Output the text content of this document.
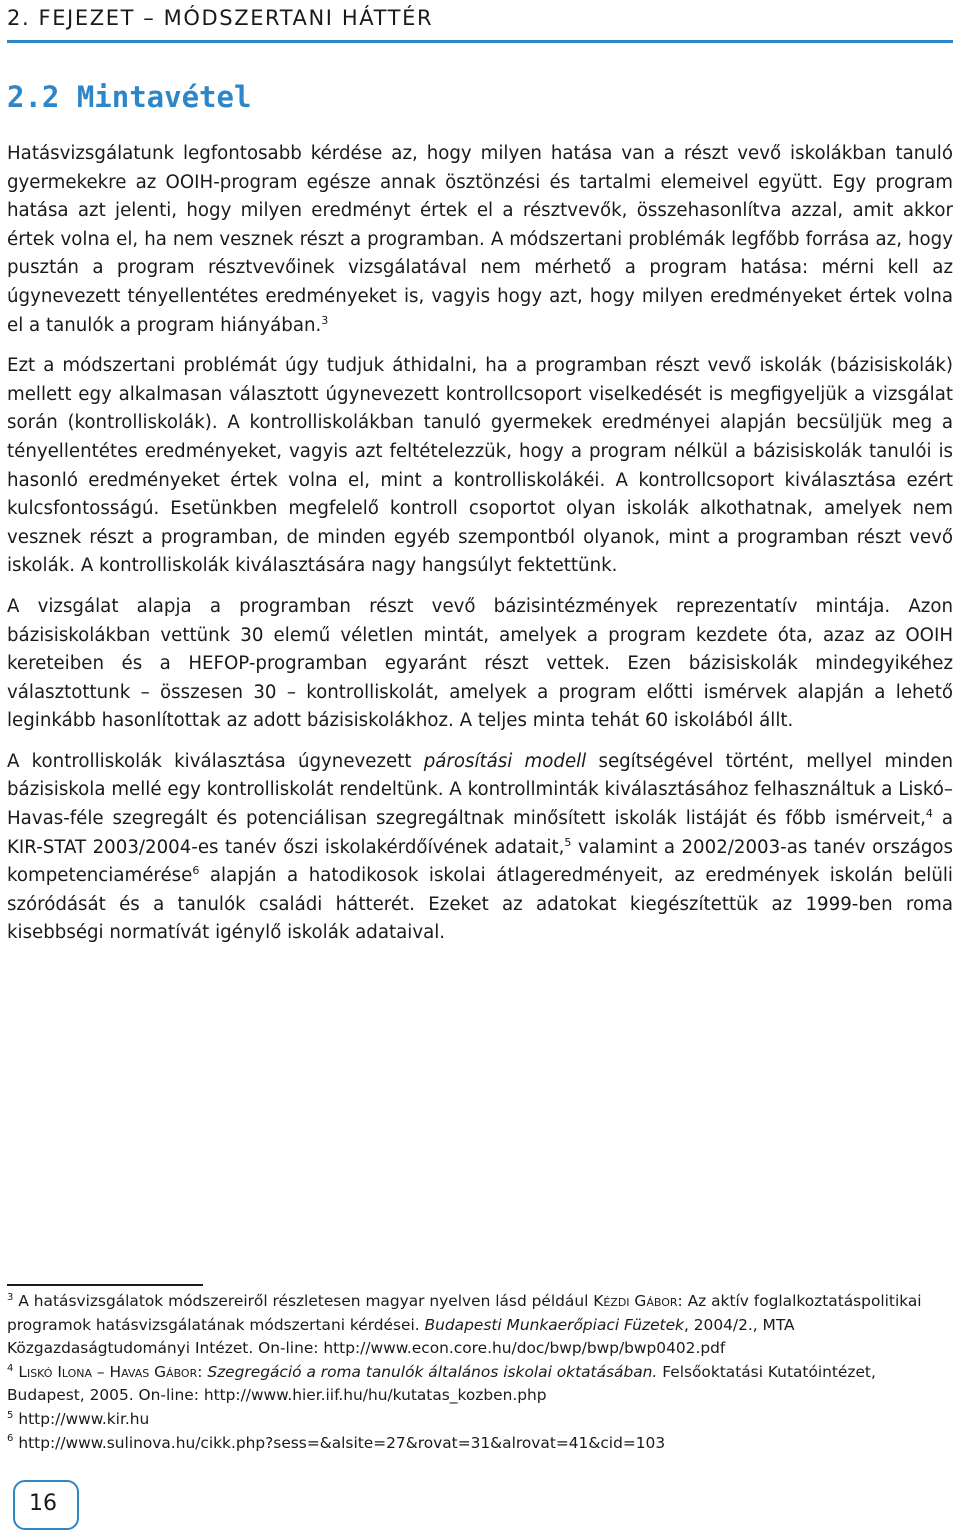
2. FEJEZET – MÓDSZERTANI HÁTTÉR
2.2 Mintavétel

Hatásvizsgálatunk legfontosabb kérdése az, hogy milyen hatása van a részt vevő iskolákban tanuló gyermekekre az OOIH-program egésze annak ösztönzési és tartalmi elemeivel együtt. Egy program hatása azt jelenti, hogy milyen eredményt értek el a résztvevők, összehasonlítva azzal, amit akkor értek volna el, ha nem vesznek részt a programban. A módszertani problémák legfőbb forrása az, hogy pusztán a program résztvevőinek vizsgálatával nem mérhető a program hatása: mérni kell az úgynevezett tényellentétes eredményeket is, vagyis hogy azt, hogy milyen eredményeket értek volna el a tanulók a program hiányában.$^3$

Ezt a módszertani problémát úgy tudjuk áthidalni, ha a programban részt vevő iskolák (bázisiskolák) mellett egy alkalmasan választott úgynevezett kontrollcsoport viselkedését is megfigyeljük a vizsgálat során (kontrolliskolák). A kontrolliskolákban tanuló gyermekek eredményei alapján becsüljük meg a tényellentétes eredményeket, vagyis azt feltételezzük, hogy a program nélkül a bázisiskolák tanulói is hasonló eredményeket értek volna el, mint a kontrolliskolákéi. A kontrollcsoport kiválasztása ezért kulcsfontosságú. Esetünkben megfelelő kontroll csoportot olyan iskolák alkothatnak, amelyek nem vesznek részt a programban, de minden egyéb szempontból olyanok, mint a programban részt vevő iskolák. A kontrolliskolák kiválasztására nagy hangsúlyt fektettünk.

A vizsgálat alapja a programban részt vevő bázisintézmények reprezentatív mintája. Azon bázisiskolákban vettünk 30 elemű véletlen mintát, amelyek a program kezdete óta, azaz az OOIH kereteiben és a HEFOP-programban egyaránt részt vettek. Ezen bázisiskolák mindegyikéhez választottunk – összesen 30 – kontrolliskolát, amelyek a program előtti ismérvek alapján a lehető leginkább hasonlítottak az adott bázisiskolákhoz. A teljes minta tehát 60 iskolából állt.

A kontrolliskolák kiválasztása úgynevezett párosítási modell segítségével történt, mellyel minden bázisiskola mellé egy kontrolliskolát rendeltünk. A kontrollminták kiválasztásához felhasználtuk a Liskó–Havas-féle szegregált és potenciálisan szegregáltnak minősített iskolák listáját és főbb ismérveit,$^4$ a KIR-STAT 2003/2004-es tanév őszi iskolakérdőívének adatait,$^5$ valamint a 2002/2003-as tanév országos kompetenciamérése$^6$ alapján a hatodikosok iskolai átlageredményeit, az eredmények iskolán belüli szóródását és a tanulók családi hátterét. Ezeket az adatokat kiegészítettük az 1999-ben roma kisebbségi normatívát igénylő iskolák adataival.

$^3$ A hatásvizsgálatok módszereiről részletesen magyar nyelven lásd például Kézdi Gábor: Az aktív foglalkoztatáspolitikai programok hatásvizsgálatának módszertani kérdései. Budapesti Munkaerőpiaci Füzetek, 2004/2., MTA Közgazdaságtudományi Intézet. On-line: http://www.econ.core.hu/doc/bwp/bwp/bwp0402.pdf
$^4$ Liskó Ilona – Havas Gábor: Szegregáció a roma tanulók általános iskolai oktatásában. Felsőoktatási Kutatóintézet, Budapest, 2005. On-line: http://www.hier.iif.hu/hu/kutatas_kozben.php
$^5$ http://www.kir.hu
$^6$ http://www.sulinova.hu/cikk.php?sess=&alsite=27&rovat=31&alrovat=41&cid=103
16
